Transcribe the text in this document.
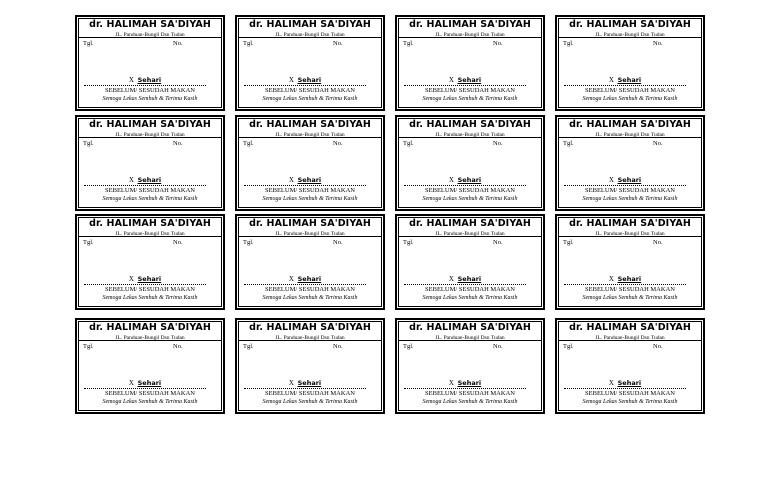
dr. HALIMAH SA'DIYAH
JL. Panduan-Bungil Dsn Tudan
Tgl.	No.
X Sehari
SEBELUM/ SESUDAH MAKAN
Semoga Lekas Sembuh & Terima Kasih
dr. HALIMAH SA'DIYAH
JL. Panduan-Bungil Dsn Tudan
Tgl.	No.
X Sehari
SEBELUM/ SESUDAH MAKAN
Semoga Lekas Sembuh & Terima Kasih
dr. HALIMAH SA'DIYAH
JL. Panduan-Bungil Dsn Tudan
Tgl.	No.
X Sehari
SEBELUM/ SESUDAH MAKAN
Semoga Lekas Sembuh & Terima Kasih
dr. HALIMAH SA'DIYAH
JL. Panduan-Bungil Dsn Tudan
Tgl.	No.
X Sehari
SEBELUM/ SESUDAH MAKAN
Semoga Lekas Sembuh & Terima Kasih
dr. HALIMAH SA'DIYAH
JL. Panduan-Bungil Dsn Tudan
Tgl.	No.
X Sehari
SEBELUM/ SESUDAH MAKAN
Semoga Lekas Sembuh & Terima Kasih
dr. HALIMAH SA'DIYAH
JL. Panduan-Bungil Dsn Tudan
Tgl.	No.
X Sehari
SEBELUM/ SESUDAH MAKAN
Semoga Lekas Sembuh & Terima Kasih
dr. HALIMAH SA'DIYAH
JL. Panduan-Bungil Dsn Tudan
Tgl.	No.
X Sehari
SEBELUM/ SESUDAH MAKAN
Semoga Lekas Sembuh & Terima Kasih
dr. HALIMAH SA'DIYAH
JL. Panduan-Bungil Dsn Tudan
Tgl.	No.
X Sehari
SEBELUM/ SESUDAH MAKAN
Semoga Lekas Sembuh & Terima Kasih
dr. HALIMAH SA'DIYAH
JL. Panduan-Bungil Dsn Tudan
Tgl.	No.
X Sehari
SEBELUM/ SESUDAH MAKAN
Semoga Lekas Sembuh & Terima Kasih
dr. HALIMAH SA'DIYAH
JL. Panduan-Bungil Dsn Tudan
Tgl.	No.
X Sehari
SEBELUM/ SESUDAH MAKAN
Semoga Lekas Sembuh & Terima Kasih
dr. HALIMAH SA'DIYAH
JL. Panduan-Bungil Dsn Tudan
Tgl.	No.
X Sehari
SEBELUM/ SESUDAH MAKAN
Semoga Lekas Sembuh & Terima Kasih
dr. HALIMAH SA'DIYAH
JL. Panduan-Bungil Dsn Tudan
Tgl.	No.
X Sehari
SEBELUM/ SESUDAH MAKAN
Semoga Lekas Sembuh & Terima Kasih
dr. HALIMAH SA'DIYAH
JL. Panduan-Bungil Dsn Tudan
Tgl.	No.
X Sehari
SEBELUM/ SESUDAH MAKAN
Semoga Lekas Sembuh & Terima Kasih
dr. HALIMAH SA'DIYAH
JL. Panduan-Bungil Dsn Tudan
Tgl.	No.
X Sehari
SEBELUM/ SESUDAH MAKAN
Semoga Lekas Sembuh & Terima Kasih
dr. HALIMAH SA'DIYAH
JL. Panduan-Bungil Dsn Tudan
Tgl.	No.
X Sehari
SEBELUM/ SESUDAH MAKAN
Semoga Lekas Sembuh & Terima Kasih
dr. HALIMAH SA'DIYAH
JL. Panduan-Bungil Dsn Tudan
Tgl.	No.
X Sehari
SEBELUM/ SESUDAH MAKAN
Semoga Lekas Sembuh & Terima Kasih
